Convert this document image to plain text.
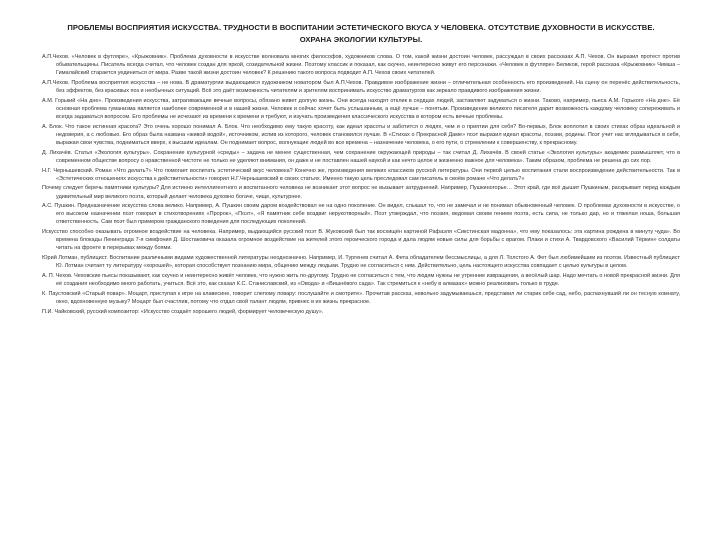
ПРОБЛЕМЫ ВОСПРИЯТИЯ ИСКУССТВА. ТРУДНОСТИ В ВОСПИТАНИИ ЭСТЕТИЧЕСКОГО ВКУСА У ЧЕЛОВЕКА. ОТСУТСТВИЕ ДУХОВНОСТИ В ИСКУССТВЕ. ОХРАНА ЭКОЛОГИИ КУЛЬТУРЫ.

А.П.Чехов. «Человек в футляре», «Крыжовник». Проблема духовности в искусстве волновала многих философов, художников слова. О том, какой жизни достоин человек, рассуждал в своих рассказах А.П. Чехов. Он выразил протест против обывательщины. Писатель всегда считал, что человек создан для яркой, созидательной жизни. Поэтому классик и показал, как скучно, неинтересно живут его персонажи. «Человек в футляре» Беликов, герой рассказа «Крыжовник» Чимша – Гималайский старается уединиться от мира. Разве такой жизни достоин человек? К решению такого вопроса подводит А.П. Чехов своих читателей.

А.П.Чехов. Проблема восприятия искусства – не нова. В драматургии выдающимся художником новатором был А.П.Чехов. Правдивое изображение жизни – отличительная особенность его произведений. На сцену он перенёс действительность, без эффектов, без красивых поз и необычных ситуаций. Всё это даёт возможность читателям и зрителям воспринимать искусство драматургов как зеркало правдивого изображения жизни.

А.М. Горький «На дне». Произведения искусства, затрагивающие вечные вопросы, обязано живет долгую жизнь. Они всегда находят отклик в сердцах людей, заставляют задуматься о жизни. Таково, например, пьеса А.М. Горького «На дне». Её основная проблема гуманизма является наиболее современной и в нашей жизни. Человек и сейчас хочет быть услышанным, а ещё лучше – понятым. Произведение великого писателя дарит возможность каждому человеку сопереживать и всегда задаваться вопросом. Его проблемы не исчезают из времени к времени и требуют, и изучать произведения классического искусства в котором есть вечные проблемы.

А. Блок. Что такое истинная красота? Это очень хорошо понимал А. Блок. Что необходимо ему такую красоту, как идеал красоты и заботится о людях, чем и о приятии для себя? Во-первых, Блок воплотил в своих стихах образ идеальной и недоверия, а с любовью. Его образ была названа «живой водой», источником, испив из которого, человек становился лучше. В «Стихах о Прекрасной Даме» поэт выразил идеал красоты, поэзии, родины. Поэт учит нас вглядываться в себя, выражая свои чувства, подниматься вверх, к высшим идеалам. Он поднимает вопрос, волнующие людей во все времена – назначение человека, о его пути, о стремлении к совершенству, к прекрасному.

Д. Лихачёв. Статья «Экология культуры». Сохранение культурной «среды» – задача не менее существенная, чем сохранение окружающей природы – так считал Д. Лихачёв. В своей статье «Экология культуры» академик размышляет, что в современном обществе вопросу о нравственной чистоте не только не уделяют внимания, он даже и не поставлен нашей наукой и как нечто целое и жизненно важное для человека». Таким образом, проблема не решена до сих пор.

Н.Г. Чернышевский. Роман «Что делать?» Что помогает воспитать эстетический вкус человека? Конечно же, произведения великих классиков русской литературы. Они первой целью воспитания стали воспроизведение действительности. Так в «Эстетических отношениях искусства к действительности» говорил Н.Г.Чернышевский в своих статьях. Именно такую цель преследовал сам писатель в своём романе «Что делать?»

Почему следует беречь памятники культуры? Для истинно интеллигентного и воспитанного человека не возникает этот вопрос не вызывает затруднений. Например, Пушкиногорье… Этот край, где всё дышит Пушкиным, раскрывает перед каждым удивительный мир великого поэта, который делает человека духовно богаче, чище, культурнее.

А.С. Пушкин. Предназначение искусства слова велико. Например, А. Пушкин своим даром воздействовал не на одно поколение. Он видел, слышал то, что не замечал и не понимал обыкновенный человек. О проблемах духовности в искусстве, о его высоком назначении поэт говорил в стихотворениях «Пророк», «Поэт», «Я памятник себе воздвиг нерукотворный». Поэт утверждал, что поэзия, ведомая своим гением поэта, есть сила, не только дар, но и тяжелая ноша, большая ответственность. Сам поэт был примером гражданского поведения для последующих поколений.

Искусство способно оказывать огромное воздействие на человека. Например, выдающийся русский поэт В. Жуковский был так восхищён картиной Рафаэля «Сикстинская мадонна», что ему показалось: эта картина рождена в минуту чуда». Во времена блокады Ленинграда 7-я симфония Д. Шостаковича оказала огромное воздействие на жителей этого героического города и дала людям новые силы для борьбы с врагом. Плаки и стихи А. Твардовского «Василий Тёркин» солдаты читать на фронте в перерывах между боями.

Юрий Лотман, публицист. Воспитание различными видами художественной литературы неоднозначно. Например, И. Тургенев считал А. Фета обладателем бессмыслицы, а для Л. Толстого А. Фет был любимейшим из поэтов. Известный публицист Ю. Лотман считает ту литературу «хорошей», которая способствует познанию мира, общению между людьми. Трудно не согласиться с ним. Действительно, цель настоящего искусства совпадает с целью культуры в целом.

А. П. Чехов. Чеховские пьесы показывают, как скучно и неинтересно живёт человек, что нужно жить по-другому. Трудно не согласиться с тем, что людям нужны не утренние извращения, а весёлый шар. Надо мечтать о новой прекрасной жизни. Для её создания необходимо много работать, учиться. Всё это, как сказал К.С. Станиславский, из «Овода» и «Вишнёвого сада». Так стремиться к «небу в алмазах» можно реализовать только в труде.

К. Паустовский «Старый повар». Моцарт, приступая к игре на клавесине, говорит слепому повару: послушайте и смотрите». Прочитав рассказ, невольно задумываешься, представил ли старик себе сад, небо, распахнувший ли он тесную комнату, окно, вдохновенную музыку? Моцарт был счастлив, потому что отдал свой талант людям, привнес в их жизнь прекрасное.

П.И. Чайковский, русский композитор: «Искусство создаёт хорошего людей, формирует человеческую душу».
